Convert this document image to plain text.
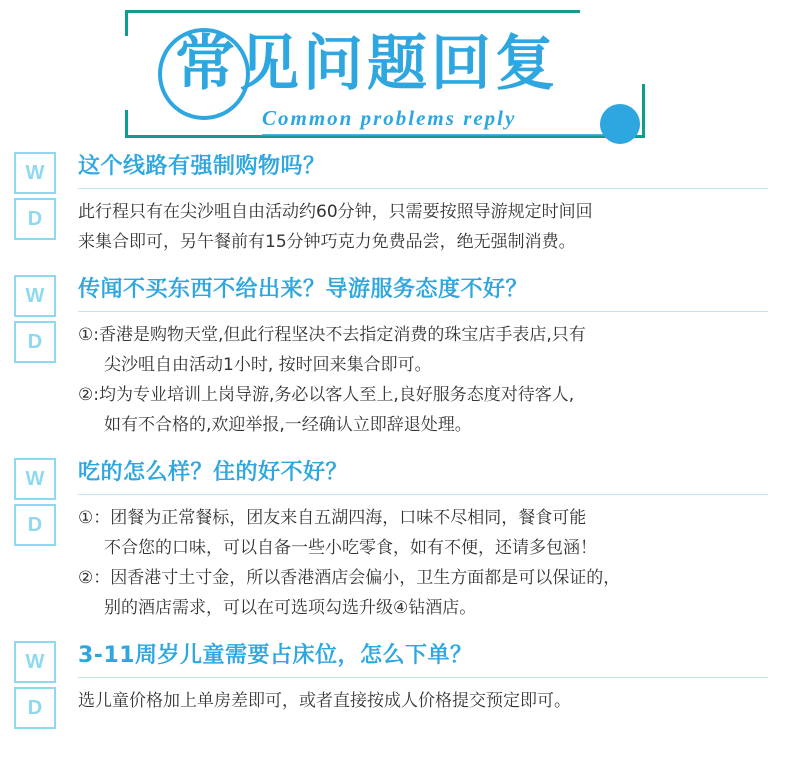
常见问题回复
Common problems reply
W
D

这个线路有强制购物吗？

此行程只有在尖沙咀自由活动约60分钟，只需要按照导游规定时间回
来集合即可，另午餐前有15分钟巧克力免费品尝，绝无强制消费。

W
D

传闻不买东西不给出来？导游服务态度不好？

①:香港是购物天堂,但此行程坚决不去指定消费的珠宝店手表店,只有
尖沙咀自由活动1小时, 按时回来集合即可。
②:均为专业培训上岗导游,务必以客人至上,良好服务态度对待客人,
如有不合格的,欢迎举报,一经确认立即辞退处理。

W
D

吃的怎么样？住的好不好？

①：团餐为正常餐标，团友来自五湖四海，口味不尽相同，餐食可能
不合您的口味，可以自备一些小吃零食，如有不便，还请多包涵！
②：因香港寸土寸金，所以香港酒店会偏小，卫生方面都是可以保证的，
别的酒店需求，可以在可选项勾选升级④钻酒店。

W
D

3-11周岁儿童需要占床位，怎么下单？

选儿童价格加上单房差即可，或者直接按成人价格提交预定即可。
